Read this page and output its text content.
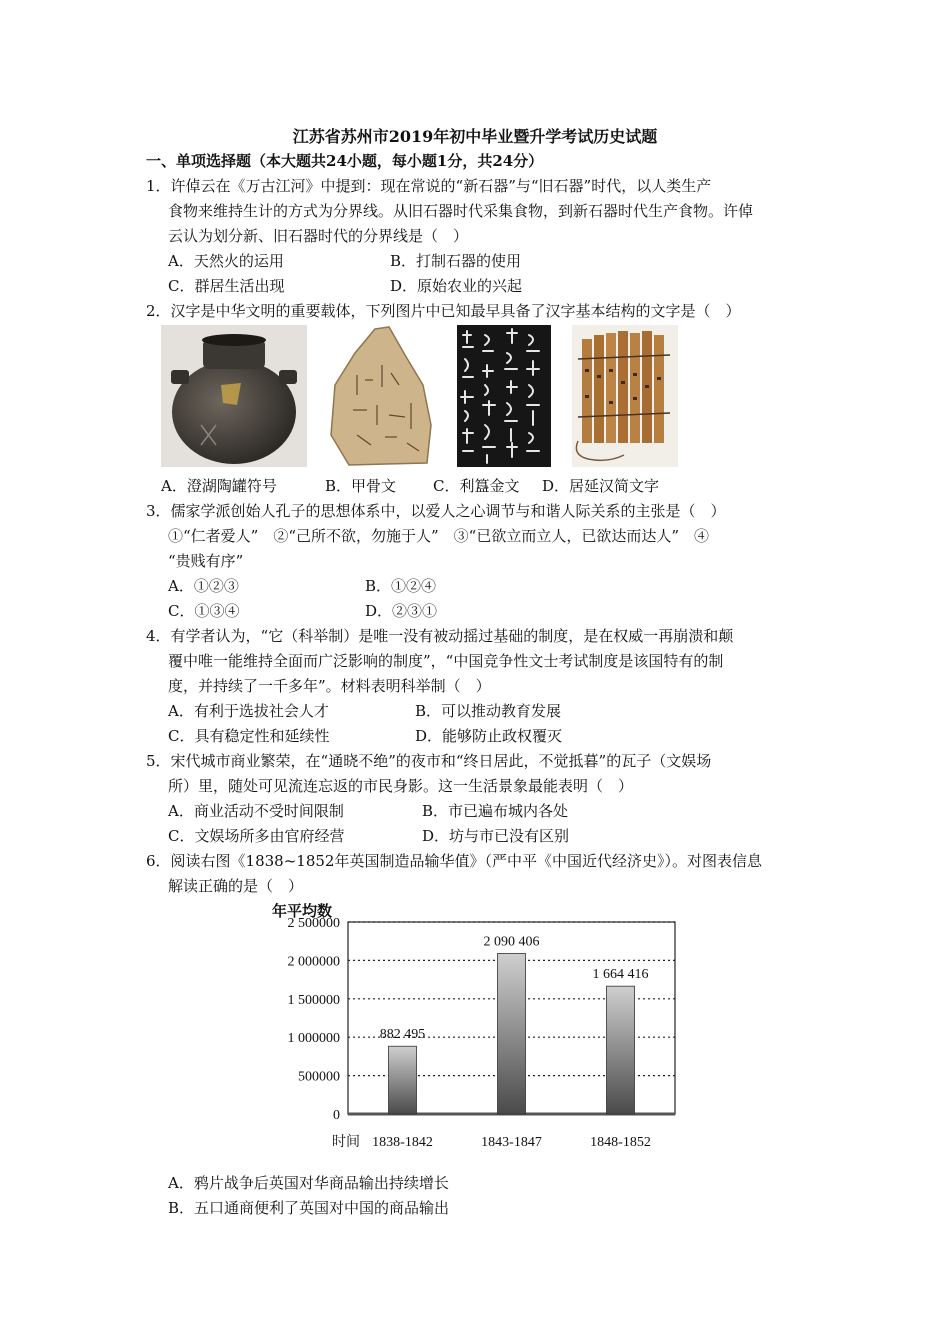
江苏省苏州市2019年初中毕业暨升学考试历史试题
一、单项选择题（本大题共24小题，每小题1分，共24分）
1．许倬云在《万古江河》中提到：现在常说的“新石器”与“旧石器”时代，以人类生产
食物来维持生计的方式为分界线。从旧石器时代采集食物，到新石器时代生产食物。许倬
云认为划分新、旧石器时代的分界线是（　）
A．天然火的运用	B．打制石器的使用
C．群居生活出现	D．原始农业的兴起
2．汉字是中华文明的重要载体，下列图片中已知最早具备了汉字基本结构的文字是（　）
A．澄湖陶罐符号	B．甲骨文 C．利簋金文 D．居延汉简文字
3．儒家学派创始人孔子的思想体系中，以爱人之心调节与和谐人际关系的主张是（　）
①“仁者爱人”　②“己所不欲，勿施于人”　③“已欲立而立人，已欲达而达人”　④
“贵贱有序”
A．①②③	B．①②④
C．①③④	D．②③①
4．有学者认为，“它（科举制）是唯一没有被动摇过基础的制度，是在权威一再崩溃和颠
覆中唯一能维持全面而广泛影响的制度”，“中国竞争性文士考试制度是该国特有的制
度，并持续了一千多年”。材料表明科举制（　）
A．有利于选拔社会人才	B．可以推动教育发展
C．具有稳定性和延续性	D．能够防止政权覆灭
5．宋代城市商业繁荣，在“通晓不绝”的夜市和“终日居此，不觉抵暮”的瓦子（文娱场
所）里，随处可见流连忘返的市民身影。这一生活景象最能表明（　）
A．商业活动不受时间限制	B．市已遍布城内各处
C．文娱场所多由官府经营	D．坊与市已没有区别
6．阅读右图《1838~1852年英国制造品输华值》（严中平《中国近代经济史》）。对图表信息
解读正确的是（　）
0
500000
1 000000
1 500000
2 000000
2 500000
年平均数
时间
882 495
1838-1842
2 090 406
1843-1847
1 664 416
1848-1852
A．鸦片战争后英国对华商品输出持续增长
B．五口通商便利了英国对中国的商品输出
